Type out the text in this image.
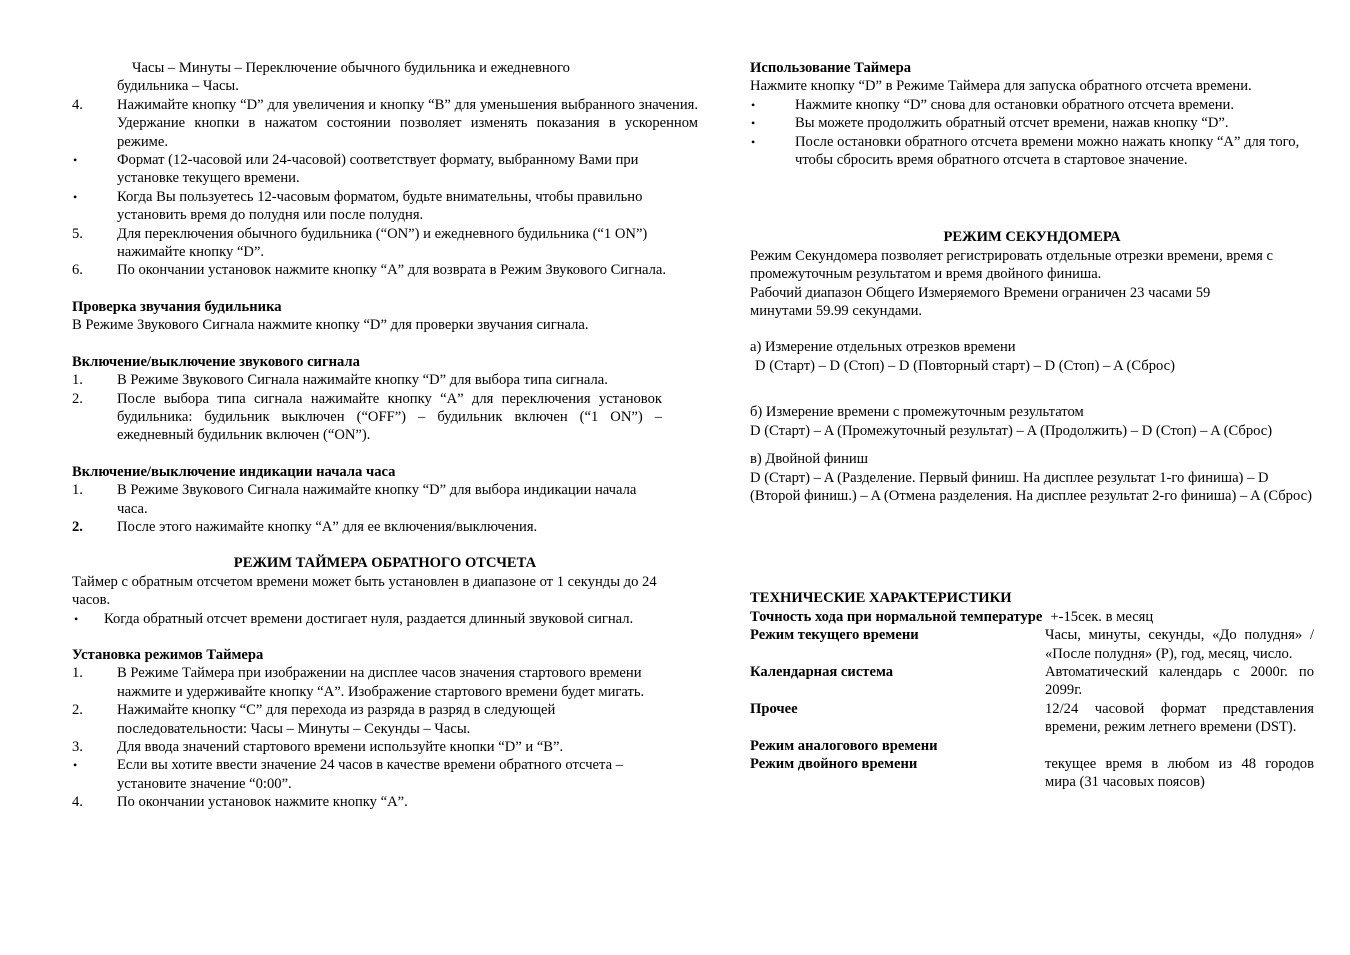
Часы – Минуты – Переключение обычного будильника и ежедневного
будильника – Часы.
4. Нажимайте кнопку “D” для увеличения и кнопку “B” для уменьшения выбранного значения. Удержание кнопки в нажатом состоянии позволяет изменять показания в ускоренном режиме.
•	Формат (12-часовой или 24-часовой) соответствует формату, выбранному Вами при установке текущего времени.
•	Когда Вы пользуетесь 12-часовым форматом, будьте внимательны, чтобы правильно установить время до полудня или после полудня.
5. Для переключения обычного будильника (“ON”) и ежедневного будильника (“1 ON”) нажимайте кнопку “D”.
6. По окончании установок нажмите кнопку “A” для возврата в Режим Звукового Сигнала.
Проверка звучания будильника
В Режиме Звукового Сигнала нажмите кнопку “D” для проверки звучания сигнала.
Включение/выключение звукового сигнала
1. В Режиме Звукового Сигнала нажимайте кнопку “D” для выбора типа сигнала.
2. После выбора типа сигнала нажимайте кнопку “A” для переключения установок будильника: будильник выключен (“OFF”) – будильник включен (“1 ON”) – ежедневный будильник включен (“ON”).
Включение/выключение индикации начала часа
1. В Режиме Звукового Сигнала нажимайте кнопку “D” для выбора индикации начала часа.
2. После этого нажимайте кнопку “A” для ее включения/выключения.
РЕЖИМ ТАЙМЕРА ОБРАТНОГО ОТСЧЕТА
Таймер с обратным отсчетом времени может быть установлен в диапазоне от 1 секунды до 24 часов.
• Когда обратный отсчет времени достигает нуля, раздается длинный звуковой сигнал.
Установка режимов Таймера
1. В Режиме Таймера при изображении на дисплее часов значения стартового времени нажмите и удерживайте кнопку “A”. Изображение стартового времени будет мигать.
2. Нажимайте кнопку “C” для перехода из разряда в разряд в следующей последовательности: Часы – Минуты – Секунды – Часы.
3. Для ввода значений стартового времени используйте кнопки “D” и “B”.
•	Если вы хотите ввести значение 24 часов в качестве времени обратного отсчета – установите значение “0:00”.
4. По окончании установок нажмите кнопку “A”.
Использование Таймера
Нажмите кнопку “D” в Режиме Таймера для запуска обратного отсчета времени.
•	Нажмите кнопку “D” снова для остановки обратного отсчета времени.
•	Вы можете продолжить обратный отсчет времени, нажав кнопку “D”.
•	После остановки обратного отсчета времени можно нажать кнопку “A” для того, чтобы сбросить время обратного отсчета в стартовое значение.
РЕЖИМ СЕКУНДОМЕРА
Режим Секундомера позволяет регистрировать отдельные отрезки времени, время с промежуточным результатом и время двойного финиша.
Рабочий диапазон Общего Измеряемого Времени ограничен 23 часами 59 минутами 59.99 секундами.
а) Измерение отдельных отрезков времени
D (Старт) – D (Стоп) – D (Повторный старт) – D (Стоп) – A (Сброс)
б) Измерение времени с промежуточным результатом
D (Старт) – A (Промежуточный результат) – A (Продолжить) – D (Стоп) – A (Сброс)
в) Двойной финиш
D (Старт) – A (Разделение. Первый финиш. На дисплее результат 1-го финиша) – D (Второй финиш.) – A (Отмена разделения. На дисплее результат 2-го финиша) – A (Сброс)
ТЕХНИЧЕСКИЕ ХАРАКТЕРИСТИКИ
Точность хода при нормальной температуре +-15сек. в месяц
Режим текущего времени	Часы, минуты, секунды, «До полудня» / «После полудня» (P), год, месяц, число.
Календарная система	Автоматический календарь с 2000г. по 2099г.
Прочее	12/24 часовой формат представления времени, режим летнего времени (DST).
Режим аналогового времени
Режим двойного времени	текущее время в любом из 48 городов мира (31 часовых поясов)
